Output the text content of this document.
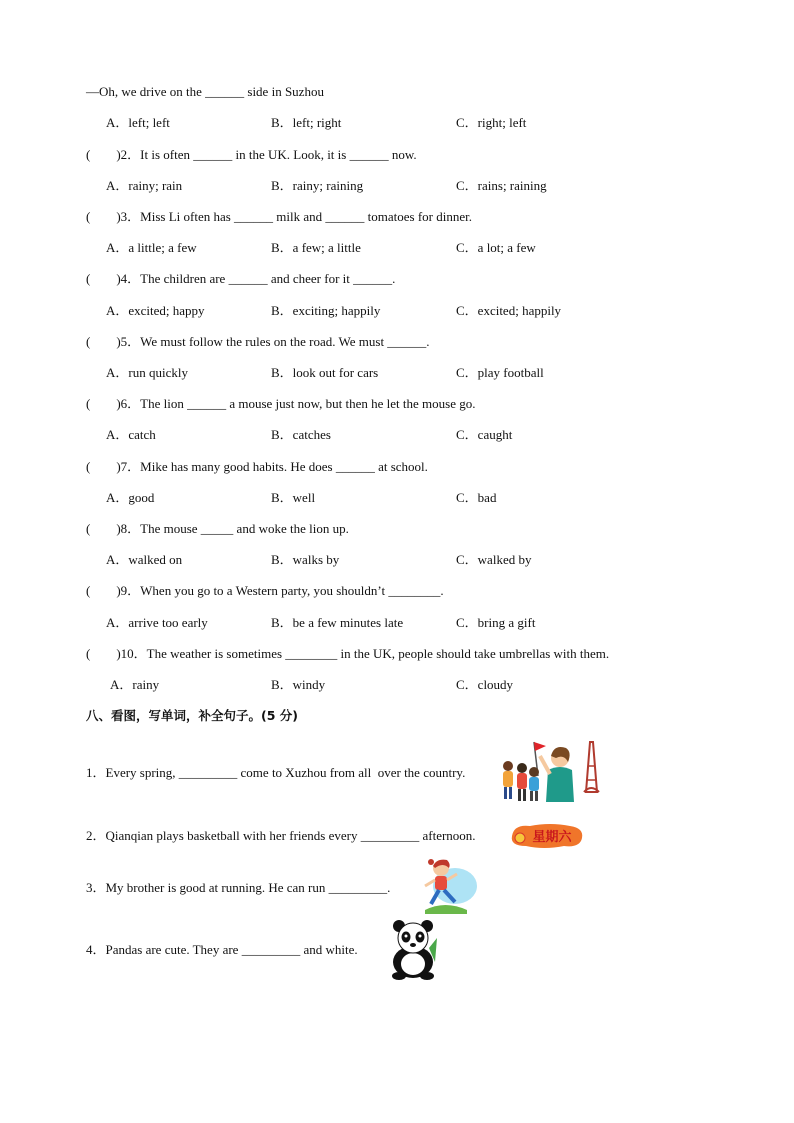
—Oh, we drive on the ______ side in Suzhou
A．left; left	B．left; right	C．right; left
(        )2．It is often ______ in the UK. Look, it is ______ now.
A．rainy; rain	B．rainy; raining	C．rains; raining
(        )3．Miss Li often has ______ milk and ______ tomatoes for dinner.
A．a little; a few	B．a few; a little	C．a lot; a few
(        )4．The children are ______ and cheer for it ______.
A．excited; happy	B．exciting; happily	C．excited; happily
(        )5．We must follow the rules on the road. We must ______.
A．run quickly	B．look out for cars	C．play football
(        )6．The lion ______ a mouse just now, but then he let the mouse go.
A．catch	B．catches	C．caught
(        )7．Mike has many good habits. He does ______ at school.
A．good	B．well	C．bad
(        )8．The mouse _____ and woke the lion up.
A．walked on	B．walks by	C．walked by
(        )9．When you go to a Western party, you shouldn’t ________.
A．arrive too early	B．be a few minutes late	C．bring a gift
(        )10．The weather is sometimes ________ in the UK, people should take umbrellas with them.
A．rainy	B．windy	C．cloudy
八、看图，写单词，补全句子。(5 分)
1．Every spring, _________ come to Xuzhou from all  over the country.
2．Qianqian plays basketball with her friends every _________ afternoon.
3．My brother is good at running. He can run _________.
4．Pandas are cute. They are _________ and white.
星期六
